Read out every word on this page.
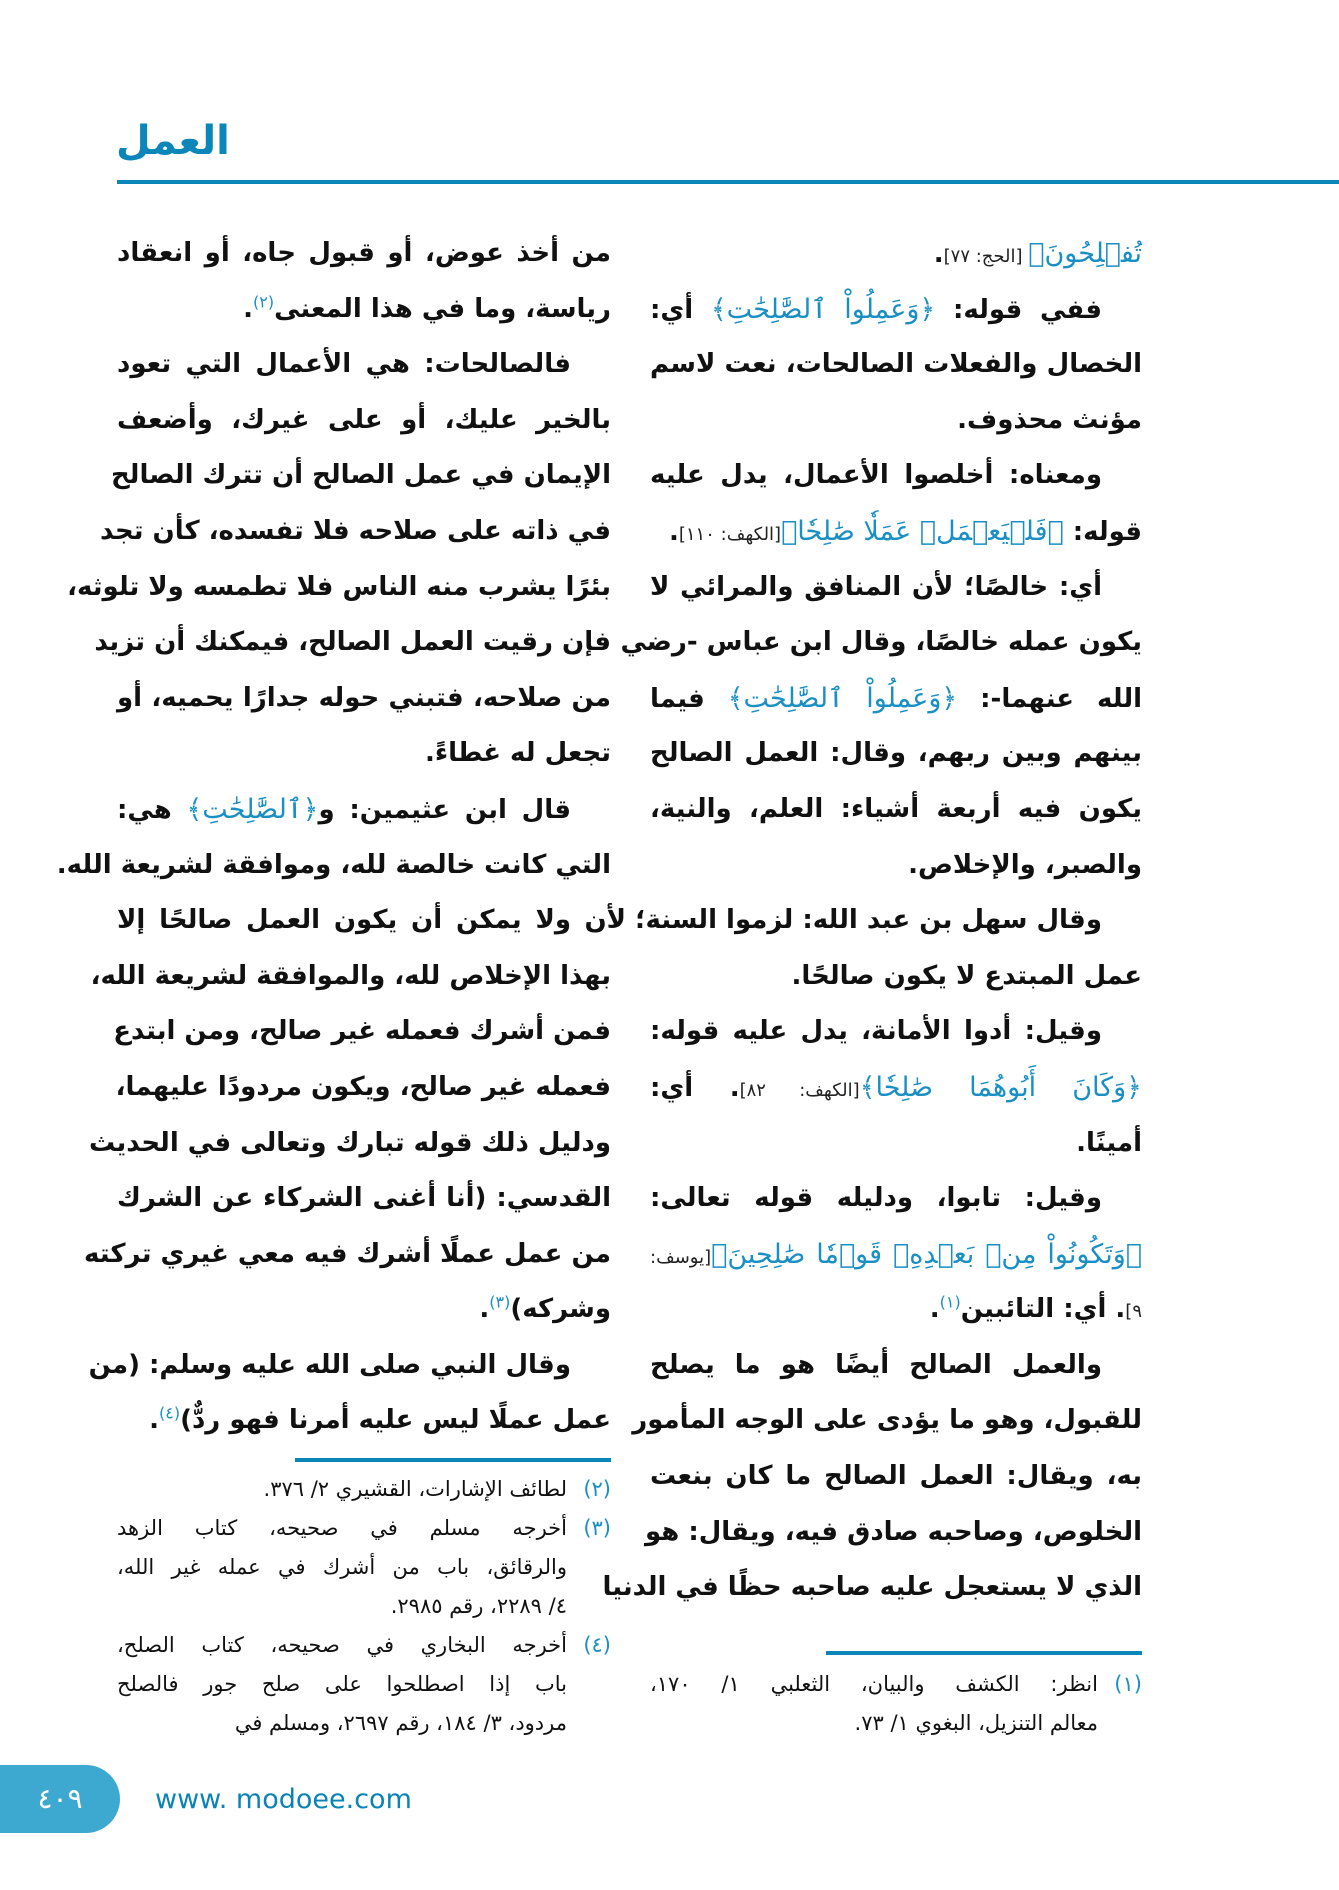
العمل
تُفۡلِحُونَ﴾ [الحج: ٧٧].
ففي قوله: ﴿وَعَمِلُواْ ٱلصَّٰلِحَٰتِ﴾ أي:
الخصال والفعلات الصالحات، نعت لاسم
مؤنث محذوف.
ومعناه: أخلصوا الأعمال، يدل عليه
قوله: ﴿فَلۡيَعۡمَلۡ عَمَلٗا صَٰلِحٗا﴾[الكهف: ١١٠].
أي: خالصًا؛ لأن المنافق والمرائي لا
يكون عمله خالصًا، وقال ابن عباس -رضي
الله عنهما-: ﴿وَعَمِلُواْ ٱلصَّٰلِحَٰتِ﴾ فيما
بينهم وبين ربهم، وقال: العمل الصالح
يكون فيه أربعة أشياء: العلم، والنية،
والصبر، والإخلاص.
وقال سهل بن عبد الله: لزموا السنة؛ لأن
عمل المبتدع لا يكون صالحًا.
وقيل: أدوا الأمانة، يدل عليه قوله:
﴿وَكَانَ أَبُوهُمَا صَٰلِحٗا﴾[الكهف: ٨٢]. أي:
أمينًا.
وقيل: تابوا، ودليله قوله تعالى:
﴿وَتَكُونُواْ مِنۢ بَعۡدِهِۦ قَوۡمٗا صَٰلِحِينَ﴾[يوسف:
٩]. أي: التائبين$^{(١)}$.
والعمل الصالح أيضًا هو ما يصلح
للقبول، وهو ما يؤدى على الوجه المأمور
به، ويقال: العمل الصالح ما كان بنعت
الخلوص، وصاحبه صادق فيه، ويقال: هو
الذي لا يستعجل عليه صاحبه حظًا في الدنيا
من أخذ عوض، أو قبول جاه، أو انعقاد
رياسة، وما في هذا المعنى$^{(٢)}$.
فالصالحات: هي الأعمال التي تعود
بالخير عليك، أو على غيرك، وأضعف
الإيمان في عمل الصالح أن تترك الصالح
في ذاته على صلاحه فلا تفسده، كأن تجد
بئرًا يشرب منه الناس فلا تطمسه ولا تلوثه،
فإن رقيت العمل الصالح، فيمكنك أن تزيد
من صلاحه، فتبني حوله جدارًا يحميه، أو
تجعل له غطاءً.
قال ابن عثيمين: و﴿ٱلصَّٰلِحَٰتِ﴾ هي:
التي كانت خالصة لله، وموافقة لشريعة الله.
ولا يمكن أن يكون العمل صالحًا إلا
بهذا الإخلاص لله، والموافقة لشريعة الله،
فمن أشرك فعمله غير صالح، ومن ابتدع
فعمله غير صالح، ويكون مردودًا عليهما،
ودليل ذلك قوله تبارك وتعالى في الحديث
القدسي: (أنا أغنى الشركاء عن الشرك
من عمل عملًا أشرك فيه معي غيري تركته
وشركه)$^{(٣)}$.
وقال النبي صلى الله عليه وسلم: (من
عمل عملًا ليس عليه أمرنا فهو ردٌّ)$^{(٤)}$.
(١)انظر: الكشف والبيان، الثعلبي ١/ ١٧٠،
معالم التنزيل، البغوي ١/ ٧٣.
(٢)لطائف الإشارات، القشيري ٢/ ٣٧٦.
(٣)أخرجه مسلم في صحيحه، كتاب الزهد
والرقائق، باب من أشرك في عمله غير الله،
٤/ ٢٢٨٩، رقم ٢٩٨٥.
(٤)أخرجه البخاري في صحيحه، كتاب الصلح،
باب إذا اصطلحوا على صلح جور فالصلح
مردود، ٣/ ١٨٤، رقم ٢٦٩٧، ومسلم في
٤٠٩	www. modoee.com
